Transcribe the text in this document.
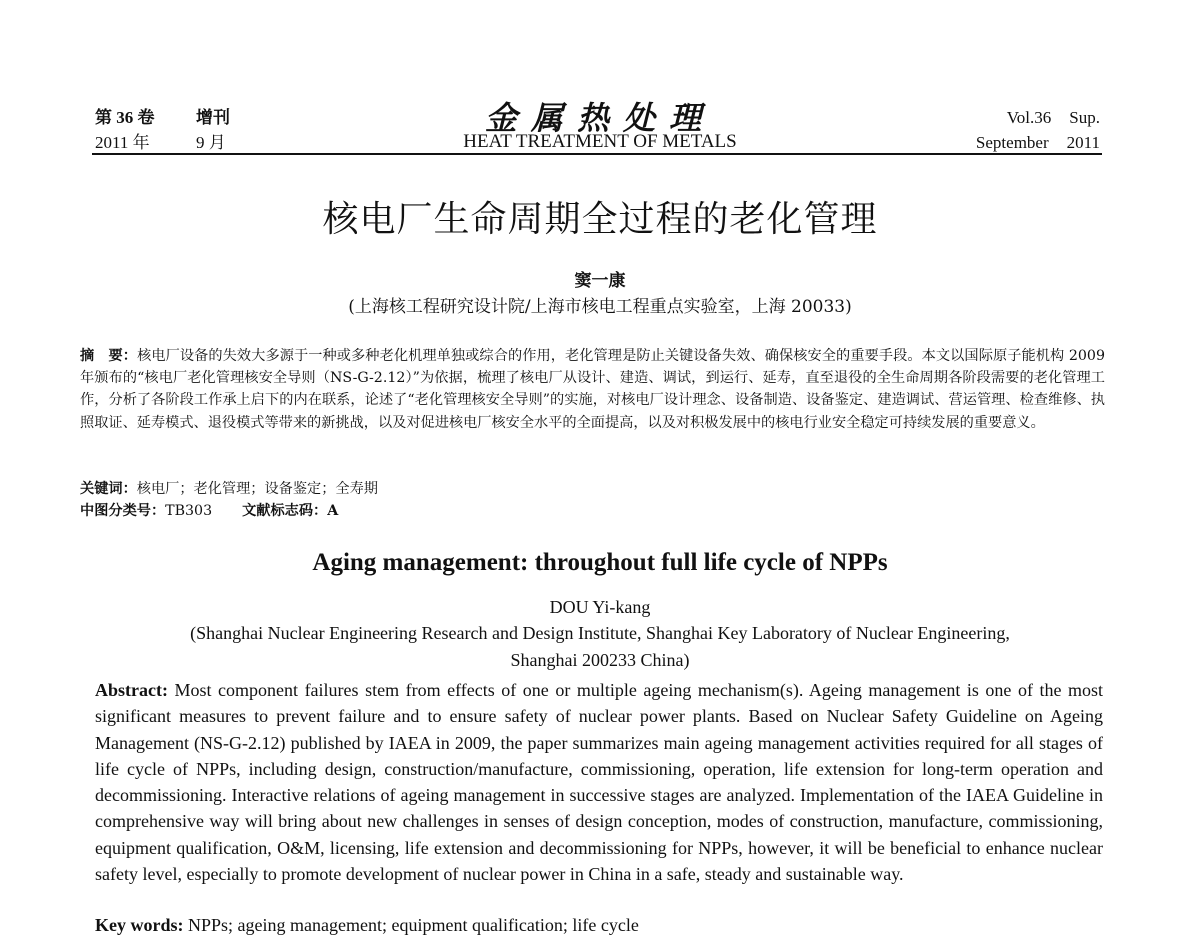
第 36 卷 增刊
2011 年	9 月
金属热处理
HEAT TREATMENT OF METALS
Vol.36 Sup.
September 2011
核电厂生命周期全过程的老化管理
窦一康
(上海核工程研究设计院/上海市核电工程重点实验室，上海 20033)
摘　要：核电厂设备的失效大多源于一种或多种老化机理单独或综合的作用，老化管理是防止关键设备失效、确保核安全的重要手段。本文以国际原子能机构 2009 年颁布的“核电厂老化管理核安全导则（NS-G-2.12）”为依据，梳理了核电厂从设计、建造、调试，到运行、延寿，直至退役的全生命周期各阶段需要的老化管理工作，分析了各阶段工作承上启下的内在联系，论述了“老化管理核安全导则”的实施，对核电厂设计理念、设备制造、设备鉴定、建造调试、营运管理、检查维修、执照取证、延寿模式、退役模式等带来的新挑战，以及对促进核电厂核安全水平的全面提高，以及对积极发展中的核电行业安全稳定可持续发展的重要意义。
关键词：核电厂；老化管理；设备鉴定；全寿期
中图分类号：TB303 文献标志码：A
Aging management: throughout full life cycle of NPPs
DOU Yi-kang
(Shanghai Nuclear Engineering Research and Design Institute, Shanghai Key Laboratory of Nuclear Engineering,
Shanghai 200233 China)
Abstract: Most component failures stem from effects of one or multiple ageing mechanism(s). Ageing management is one of the most significant measures to prevent failure and to ensure safety of nuclear power plants. Based on Nuclear Safety Guideline on Ageing Management (NS-G-2.12) published by IAEA in 2009, the paper summarizes main ageing management activities required for all stages of life cycle of NPPs, including design, construction/manufacture, commissioning, operation, life extension for long-term operation and decommissioning. Interactive relations of ageing management in successive stages are analyzed. Implementation of the IAEA Guideline in comprehensive way will bring about new challenges in senses of design conception, modes of construction, manufacture, commissioning, equipment qualification, O&M, licensing, life extension and decommissioning for NPPs, however, it will be beneficial to enhance nuclear safety level, especially to promote development of nuclear power in China in a safe, steady and sustainable way.
Key words: NPPs; ageing management; equipment qualification; life cycle
